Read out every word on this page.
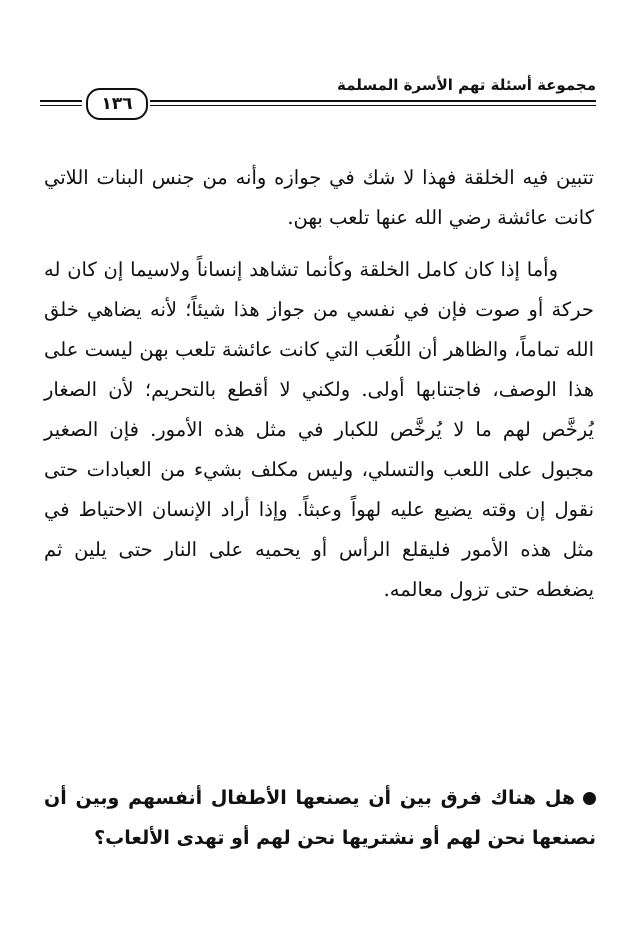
مجموعة أسئلة تهم الأسرة المسلمة
١٣٦

تتبين فيه الخلقة فهذا لا شك في جوازه وأنه من جنس البنات اللاتي كانت عائشة رضي الله عنها تلعب بهن.

وأما إذا كان كامل الخلقة وكأنما تشاهد إنساناً ولاسيما إن كان له حركة أو صوت فإن في نفسي من جواز هذا شيئاً؛ لأنه يضاهي خلق الله تماماً، والظاهر أن اللُعَب التي كانت عائشة تلعب بهن ليست على هذا الوصف، فاجتنابها أولى. ولكني لا أقطع بالتحريم؛ لأن الصغار يُرخَّص لهم ما لا يُرخَّص للكبار في مثل هذه الأمور. فإن الصغير مجبول على اللعب والتسلي، وليس مكلف بشيء من العبادات حتى نقول إن وقته يضيع عليه لهواً وعبثاً. وإذا أراد الإنسان الاحتياط في مثل هذه الأمور فليقلع الرأس أو يحميه على النار حتى يلين ثم يضغطه حتى تزول معالمه.

هل هناك فرق بين أن يصنعها الأطفال أنفسهم وبين أن نصنعها نحن لهم أو نشتريها نحن لهم أو تهدى الألعاب؟
